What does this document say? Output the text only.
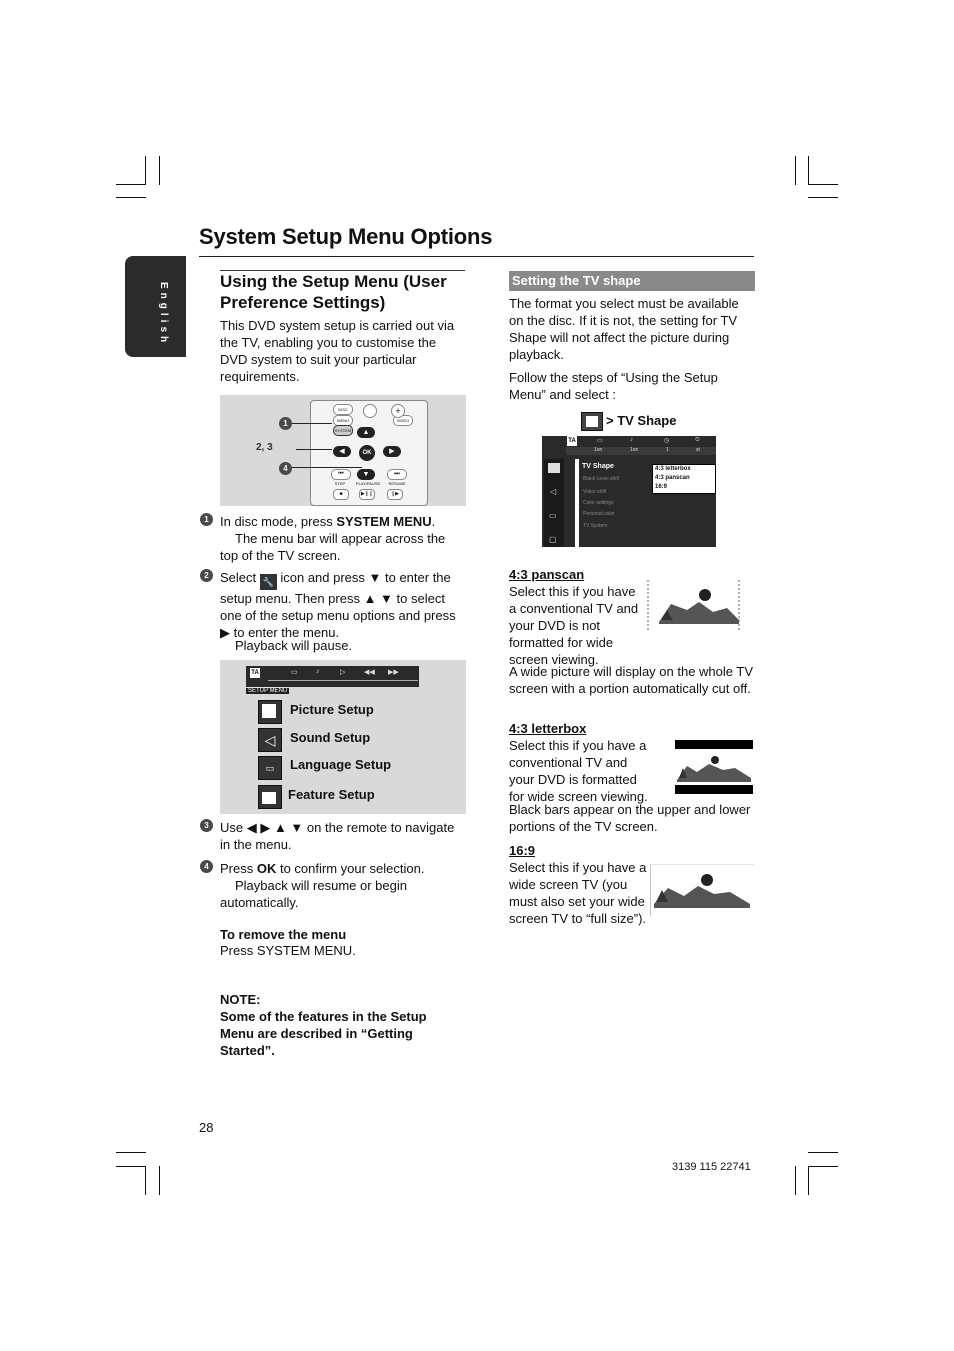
System Setup Menu Options
English
Using the Setup Menu (User Preference Settings)
This DVD system setup is carried out via the TV, enabling you to customise the DVD system to suit your particular requirements.
DISC
MENU
SYSTEM
VIDEO
+
◀
▲
OK	▶
▼
⏮	⏭
STEP	PLAY/PAUSE	RESUME
■	▶❙❙	❙▶
1
2, 3
4
1 In disc mode, press SYSTEM MENU.
The menu bar will appear across the top of the TV screen.
2 Select 🔧 icon and press ▼ to enter the setup menu. Then press ▲ ▼ to select one of the setup menu options and press ▶ to enter the menu.
Playback will pause.
▭	♪	▷	◀◀ ▶▶
TA
SETUP MENU
Picture Setup
◁	Sound Setup
▭	Language Setup
Feature Setup
3 Use ◀ ▶ ▲ ▼ on the remote to navigate in the menu.
4 Press OK to confirm your selection.
Playback will resume or begin automatically.
To remove the menu
Press SYSTEM MENU.
NOTE:
Some of the features in the Setup Menu are described in “Getting Started”.
Setting the TV shape
The format you select must be available on the disc. If it is not, the setting for TV Shape will not affect the picture during playback.
Follow the steps of “Using the Setup Menu” and select :
> TV Shape
TA	▭	♪	◷	⏲
1on	1on	1	st
◁
▭
▢
TV Shape
Black Level shift
Video shift
Color settings
Personal color
TV System
4:3 letterbox
4:3 panscan
16:9
4:3 panscan
Select this if you have a conventional TV and your DVD is not formatted for wide screen viewing.
A wide picture will display on the whole TV screen with a portion automatically cut off.
4:3 letterbox
Select this if you have a conventional TV and your DVD is formatted for wide screen viewing.
Black bars appear on the upper and lower portions of the TV screen.
16:9
Select this if you have a wide screen TV (you must also set your wide screen TV to “full size”).
28
3139 115 22741
